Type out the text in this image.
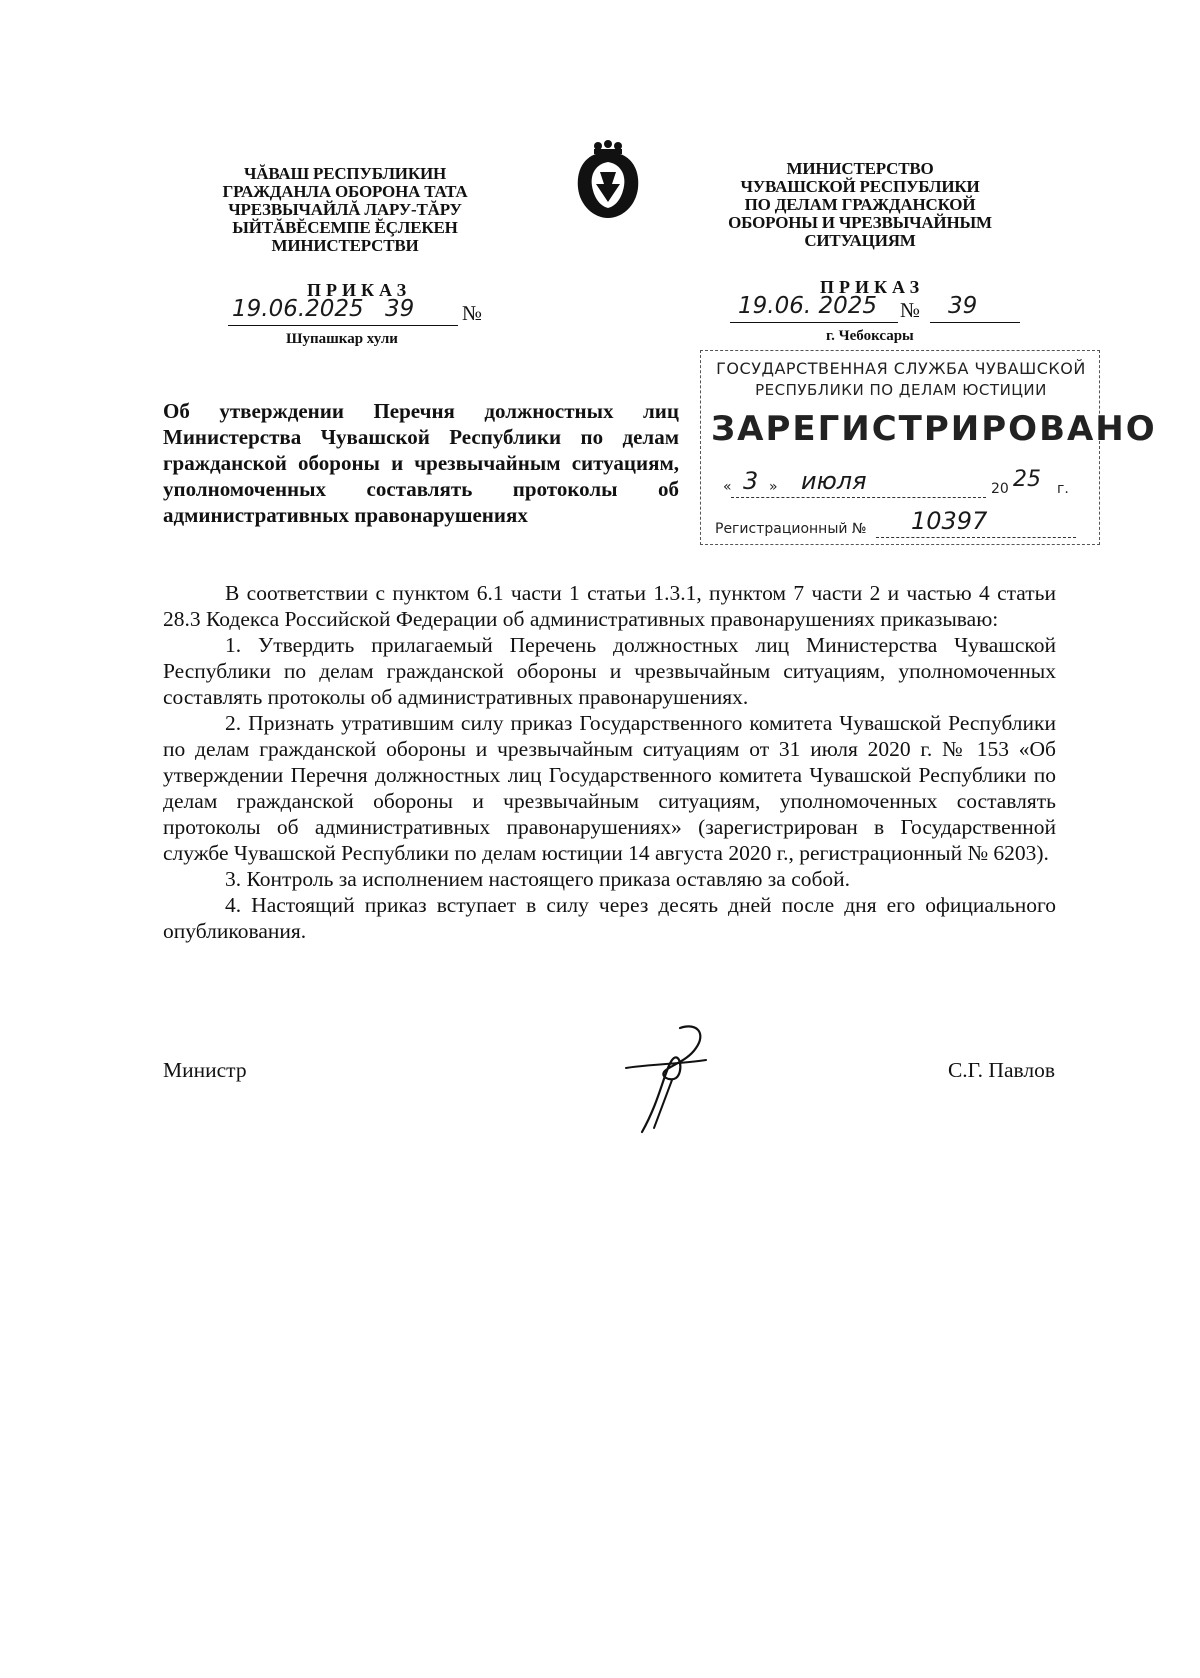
ЧĂВАШ РЕСПУБЛИКИН
ГРАЖДАНЛА ОБОРОНА ТАТА
ЧРЕЗВЫЧАЙЛĂ ЛАРУ-ТĂРУ
ЫЙТĂВĔСЕМПЕ ĔÇЛЕКЕН
МИНИСТЕРСТВИ
МИНИСТЕРСТВО
ЧУВАШСКОЙ РЕСПУБЛИКИ
ПО ДЕЛАМ ГРАЖДАНСКОЙ
ОБОРОНЫ И ЧРЕЗВЫЧАЙНЫМ
СИТУАЦИЯМ
ПРИКАЗ	ПРИКАЗ
19.06.2025 39 №
Шупашкар хули
19.06. 2025 № 39
г. Чебоксары
ГОСУДАРСТВЕННАЯ СЛУЖБА ЧУВАШСКОЙ
РЕСПУБЛИКИ ПО ДЕЛАМ ЮСТИЦИИ
ЗАРЕГИСТРИРОВАНО
« 3 » июля	20 25 г.
Регистрационный № 10397
Об утверждении Перечня должностных лиц Министерства Чувашской Республики по делам гражданской обороны и чрезвычайным ситуациям, уполномоченных составлять протоколы об административных правонарушениях

В соответствии с пунктом 6.1 части 1 статьи 1.3.1, пунктом 7 части 2 и частью 4 статьи 28.3 Кодекса Российской Федерации об административных правонарушениях приказываю:

1. Утвердить прилагаемый Перечень должностных лиц Министерства Чувашской Республики по делам гражданской обороны и чрезвычайным ситуациям, уполномоченных составлять протоколы об административных правонарушениях.

2. Признать утратившим силу приказ Государственного комитета Чувашской Республики по делам гражданской обороны и чрезвычайным ситуациям от 31 июля 2020 г. № 153 «Об утверждении Перечня должностных лиц Государственного комитета Чувашской Республики по делам гражданской обороны и чрезвычайным ситуациям, уполномоченных составлять протоколы об административных правонарушениях» (зарегистрирован в Государственной службе Чувашской Республики по делам юстиции 14 августа 2020 г., регистрационный № 6203).

3. Контроль за исполнением настоящего приказа оставляю за собой.

4. Настоящий приказ вступает в силу через десять дней после дня его официального опубликования.

Министр	С.Г. Павлов
